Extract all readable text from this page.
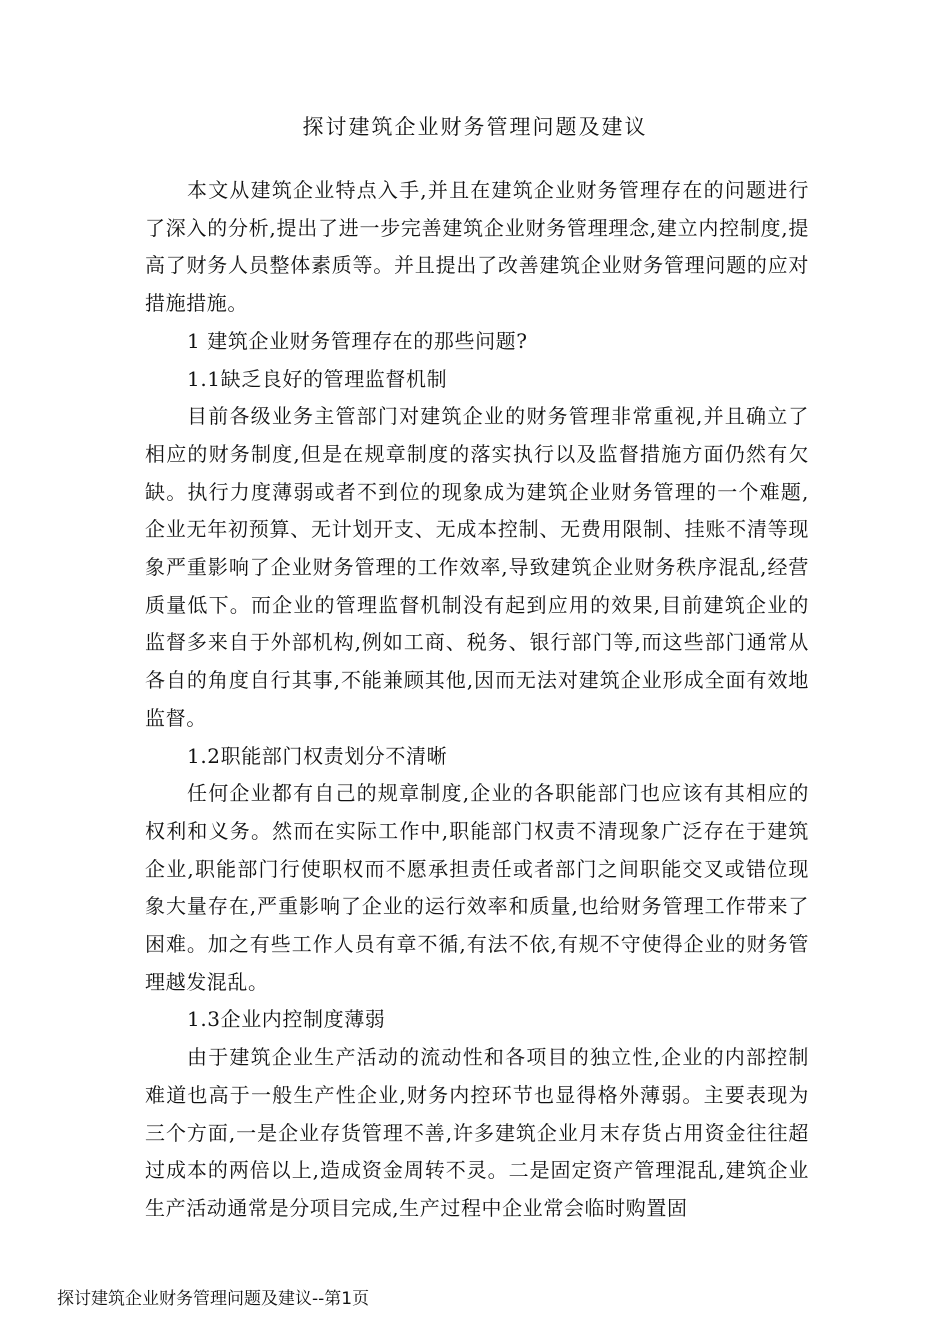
探讨建筑企业财务管理问题及建议

本文从建筑企业特点入手,并且在建筑企业财务管理存在的问题进行了深入的分析,提出了进一步完善建筑企业财务管理理念,建立内控制度,提高了财务人员整体素质等。并且提出了改善建筑企业财务管理问题的应对措施措施。

1 建筑企业财务管理存在的那些问题?

1.1缺乏良好的管理监督机制

目前各级业务主管部门对建筑企业的财务管理非常重视,并且确立了相应的财务制度,但是在规章制度的落实执行以及监督措施方面仍然有欠缺。执行力度薄弱或者不到位的现象成为建筑企业财务管理的一个难题,企业无年初预算、无计划开支、无成本控制、无费用限制、挂账不清等现象严重影响了企业财务管理的工作效率,导致建筑企业财务秩序混乱,经营质量低下。而企业的管理监督机制没有起到应用的效果,目前建筑企业的监督多来自于外部机构,例如工商、税务、银行部门等,而这些部门通常从各自的角度自行其事,不能兼顾其他,因而无法对建筑企业形成全面有效地监督。

1.2职能部门权责划分不清晰

任何企业都有自己的规章制度,企业的各职能部门也应该有其相应的权利和义务。然而在实际工作中,职能部门权责不清现象广泛存在于建筑企业,职能部门行使职权而不愿承担责任或者部门之间职能交叉或错位现象大量存在,严重影响了企业的运行效率和质量,也给财务管理工作带来了困难。加之有些工作人员有章不循,有法不依,有规不守使得企业的财务管理越发混乱。

1.3企业内控制度薄弱

由于建筑企业生产活动的流动性和各项目的独立性,企业的内部控制难道也高于一般生产性企业,财务内控环节也显得格外薄弱。主要表现为三个方面,一是企业存货管理不善,许多建筑企业月末存货占用资金往往超过成本的两倍以上,造成资金周转不灵。二是固定资产管理混乱,建筑企业生产活动通常是分项目完成,生产过程中企业常会临时购置固

探讨建筑企业财务管理问题及建议--第1页
